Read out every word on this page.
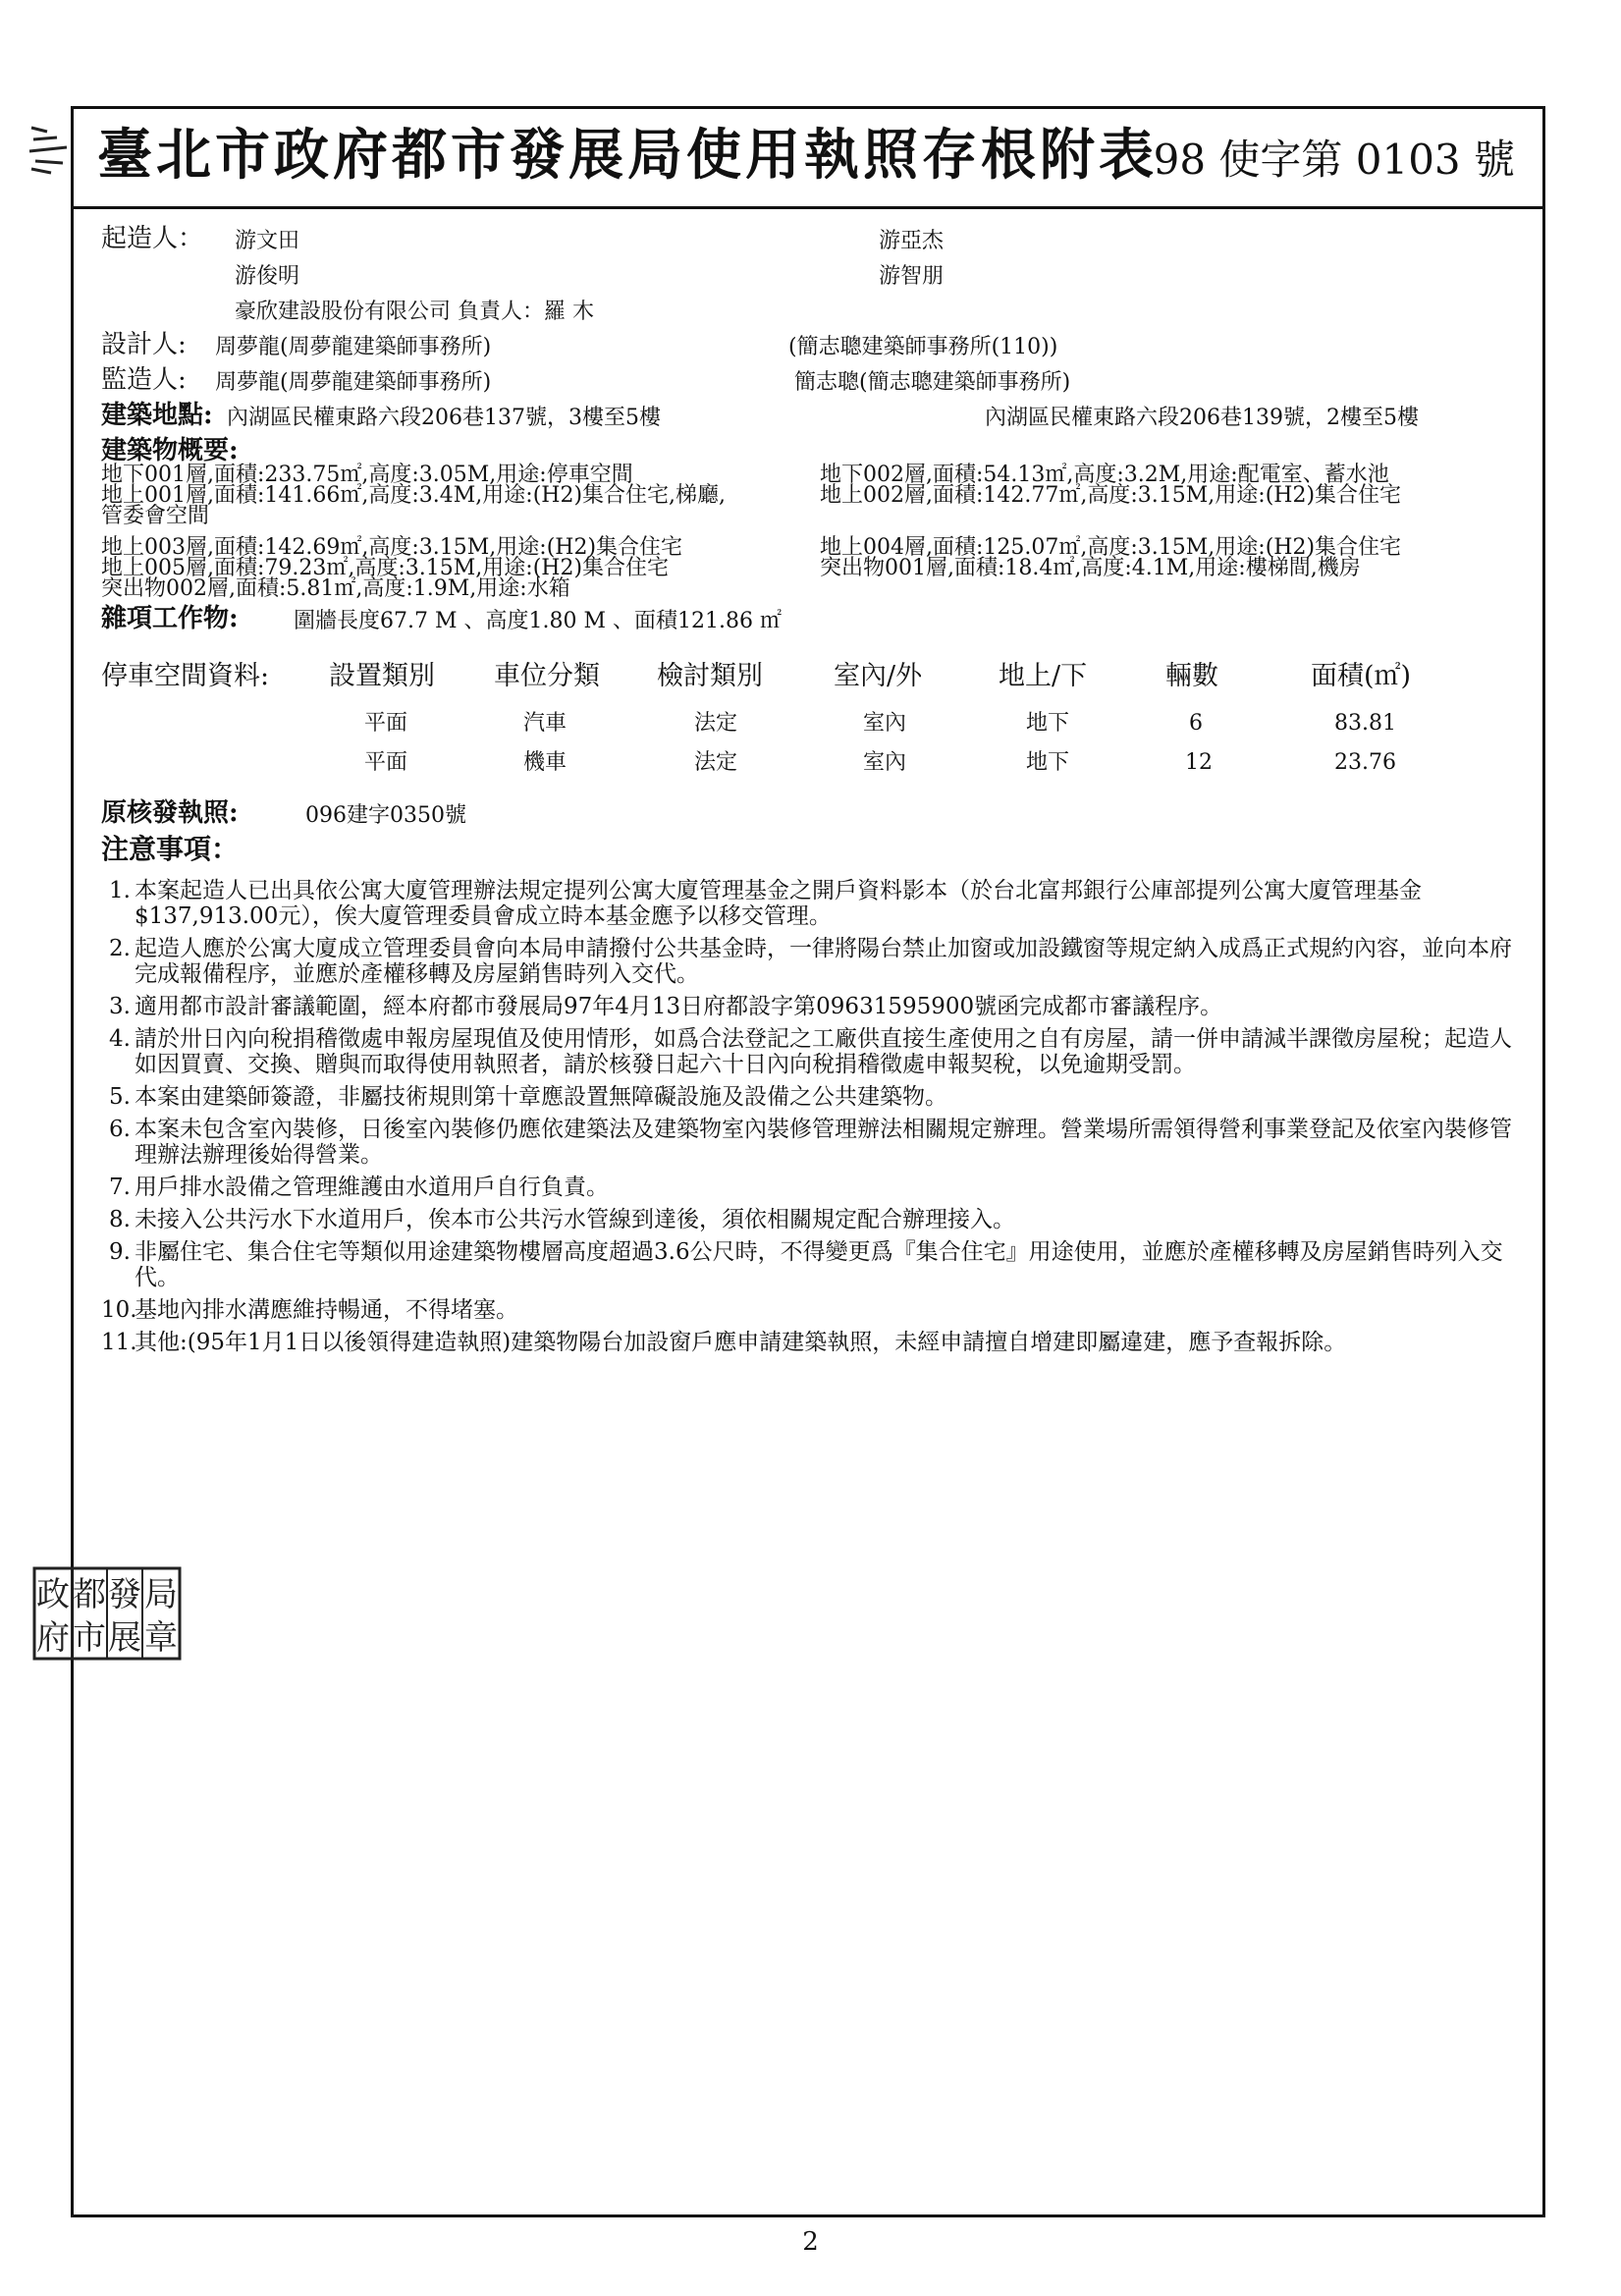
臺北市政府都市發展局使用執照存根附表
98 使字第 0103 號
起造人： 游文田	游亞杰
游俊明	游智朋
豪欣建設股份有限公司 負責人：羅 木
設計人: 周夢龍(周夢龍建築師事務所)	(簡志聰建築師事務所(110))
監造人: 周夢龍(周夢龍建築師事務所)	簡志聰(簡志聰建築師事務所)
建築地點: 內湖區民權東路六段206巷137號，3樓至5樓	內湖區民權東路六段206巷139號，2樓至5樓
建築物概要:
地下001層,面積:233.75㎡,高度:3.05M,用途:停車空間	地下002層,面積:54.13㎡,高度:3.2M,用途:配電室、蓄水池
地上001層,面積:141.66㎡,高度:3.4M,用途:(H2)集合住宅,梯廳,	地上002層,面積:142.77㎡,高度:3.15M,用途:(H2)集合住宅
管委會空間
地上003層,面積:142.69㎡,高度:3.15M,用途:(H2)集合住宅	地上004層,面積:125.07㎡,高度:3.15M,用途:(H2)集合住宅
地上005層,面積:79.23㎡,高度:3.15M,用途:(H2)集合住宅	突出物001層,面積:18.4㎡,高度:4.1M,用途:樓梯間,機房
突出物002層,面積:5.81㎡,高度:1.9M,用途:水箱
雜項工作物:	圍牆長度67.7 M 、高度1.80 M 、面積121.86 ㎡
停車空間資料: 設置類別 車位分類 檢討類別	室內/外	地上/下	輛數	面積(㎡)
平面	汽車	法定	室內	地下	6	83.81
平面	機車	法定	室內	地下	12	23.76
原核發執照:	096建字0350號
注意事項：
1. 本案起造人已出具依公寓大廈管理辦法規定提列公寓大廈管理基金之開戶資料影本（於台北富邦銀行公庫部提列公寓大廈管理基金$137,913.00元），俟大廈管理委員會成立時本基金應予以移交管理。
2. 起造人應於公寓大廈成立管理委員會向本局申請撥付公共基金時，一律將陽台禁止加窗或加設鐵窗等規定納入成爲正式規約內容，並向本府完成報備程序，並應於產權移轉及房屋銷售時列入交代。
3. 適用都市設計審議範圍，經本府都市發展局97年4月13日府都設字第09631595900號函完成都市審議程序。
4. 請於卅日內向稅捐稽徵處申報房屋現值及使用情形，如爲合法登記之工廠供直接生產使用之自有房屋，請一併申請減半課徵房屋稅；起造人如因買賣、交換、贈與而取得使用執照者，請於核發日起六十日內向稅捐稽徵處申報契稅，以免逾期受罰。
5. 本案由建築師簽證，非屬技術規則第十章應設置無障礙設施及設備之公共建築物。
6. 本案未包含室內裝修，日後室內裝修仍應依建築法及建築物室內裝修管理辦法相關規定辦理。營業場所需領得營利事業登記及依室內裝修管理辦法辦理後始得營業。
7. 用戶排水設備之管理維護由水道用戶自行負責。
8. 未接入公共污水下水道用戶，俟本市公共污水管線到達後，須依相關規定配合辦理接入。
9. 非屬住宅、集合住宅等類似用途建築物樓層高度超過3.6公尺時，不得變更爲『集合住宅』用途使用，並應於產權移轉及房屋銷售時列入交代。
10.
基地內排水溝應維持暢通，不得堵塞。
11.
其他:(95年1月1日以後領得建造執照)建築物陽台加設窗戶應申請建築執照，未經申請擅自增建即屬違建，應予查報拆除。
政
府
都
市
發
展
局
章
2
